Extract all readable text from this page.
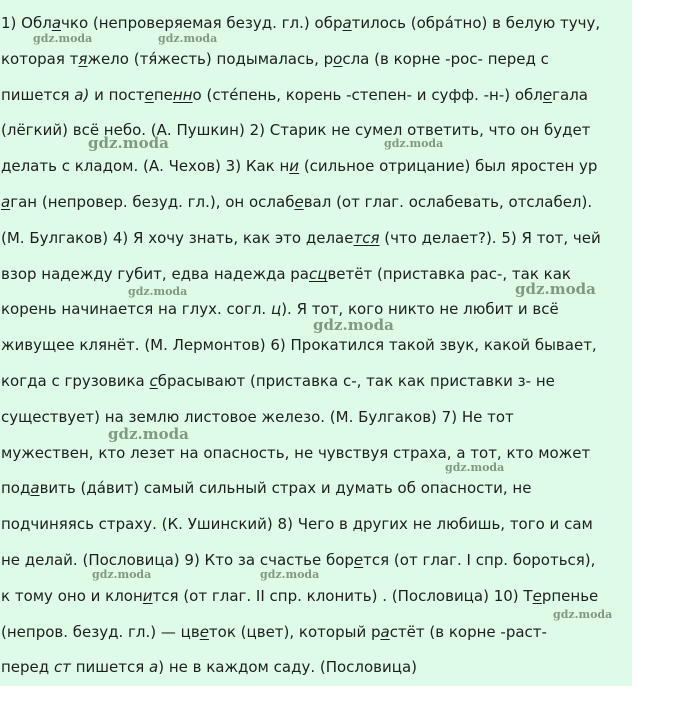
1) Облачко (непроверяемая безуд. гл.) обратилось (обра́тно) в белую тучу,

которая тяжело (тя́жесть) подымалась, росла (в корне -рос- перед с

пишется а) и постепенно (сте́пень, корень -степен- и суфф. -н-) облегала

(лёгкий) всё небо. (А. Пушкин) 2) Старик не сумел ответить, что он будет

делать с кладом. (А. Чехов) 3) Как ни (сильное отрицание) был яростен ур

аган (непровер. безуд. гл.), он ослабевал (от глаг. ослабевать, отслабел).

(М. Булгаков) 4) Я хочу знать, как это делается (что делает?). 5) Я тот, чей

взор надежду губит, едва надежда расцветёт (приставка рас-, так как

корень начинается на глух. согл. ц). Я тот, кого никто не любит и всё

живущее клянёт. (М. Лермонтов) 6) Прокатился такой звук, какой бывает,

когда с грузовика сбрасывают (приставка с-, так как приставки з- не

существует) на землю листовое железо. (М. Булгаков) 7) Не тот

мужествен, кто лезет на опасность, не чувствуя страха, а тот, кто может

подавить (да́вит) самый сильный страх и думать об опасности, не

подчиняясь страху. (К. Ушинский) 8) Чего в других не любишь, того и сам

не делай. (Пословица) 9) Кто за счастье борется (от глаг. I спр. бороться),

к тому оно и клонится (от глаг. II спр. клонить) . (Пословица) 10) Терпенье

(непров. безуд. гл.) — цветок (цвет), который растёт (в корне -раст-

перед ст пишется а) не в каждом саду. (Пословица)

gdz.moda	gdz.moda
gdz.moda	gdz.moda
gdz.moda	gdz.moda
gdz.moda
gdz.moda
gdz.moda
gdz.moda	gdz.moda
gdz.moda
